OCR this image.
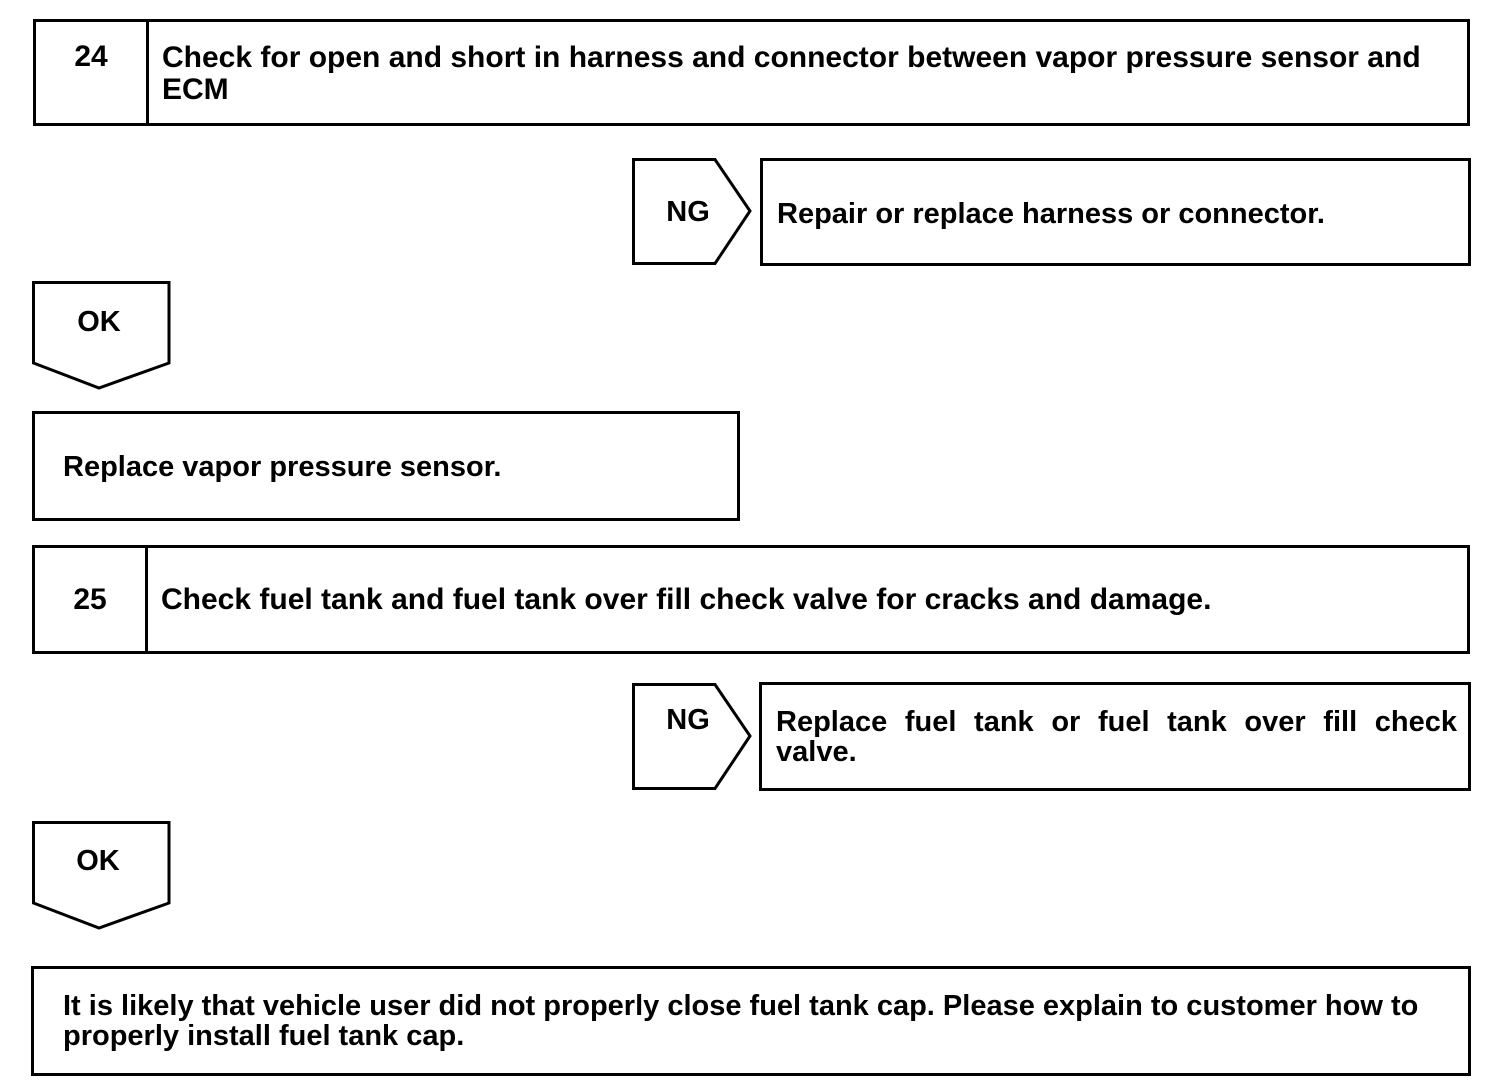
24	Check for open and short in harness and connector between vapor pressure sensor and ECM
NG	Repair or replace harness or connector.
OK
Replace vapor pressure sensor.
25	Check fuel tank and fuel tank over fill check valve for cracks and damage.
NG	Replace fuel tank or fuel tank over fill check valve.
OK
It is likely that vehicle user did not properly close fuel tank cap. Please explain to customer how to properly install fuel tank cap.
